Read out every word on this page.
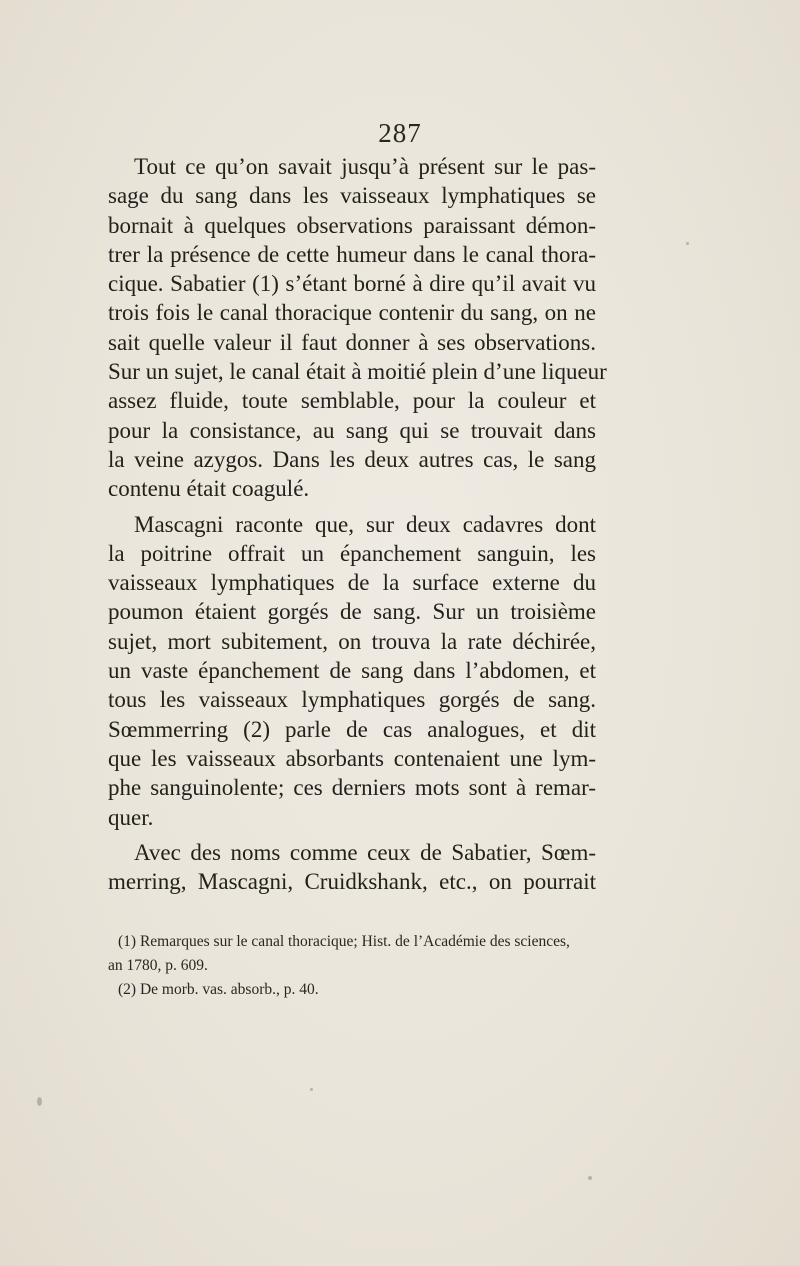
287
Tout ce qu’on savait jusqu’à présent sur le pas-
sage du sang dans les vaisseaux lymphatiques se
bornait à quelques observations paraissant démon-
trer la présence de cette humeur dans le canal thora-
cique. Sabatier (1) s’étant borné à dire qu’il avait vu
trois fois le canal thoracique contenir du sang, on ne
sait quelle valeur il faut donner à ses observations.
Sur un sujet, le canal était à moitié plein d’une liqueur
assez fluide, toute semblable, pour la couleur et
pour la consistance, au sang qui se trouvait dans
la veine azygos. Dans les deux autres cas, le sang
contenu était coagulé.
Mascagni raconte que, sur deux cadavres dont
la poitrine offrait un épanchement sanguin, les
vaisseaux lymphatiques de la surface externe du
poumon étaient gorgés de sang. Sur un troisième
sujet, mort subitement, on trouva la rate déchirée,
un vaste épanchement de sang dans l’abdomen, et
tous les vaisseaux lymphatiques gorgés de sang.
Sœmmerring (2) parle de cas analogues, et dit
que les vaisseaux absorbants contenaient une lym-
phe sanguinolente; ces derniers mots sont à remar-
quer.
Avec des noms comme ceux de Sabatier, Sœm-
merring, Mascagni, Cruidkshank, etc., on pourrait
(1) Remarques sur le canal thoracique; Hist. de l’Académie des sciences,
an 1780, p. 609.
(2) De morb. vas. absorb., p. 40.
